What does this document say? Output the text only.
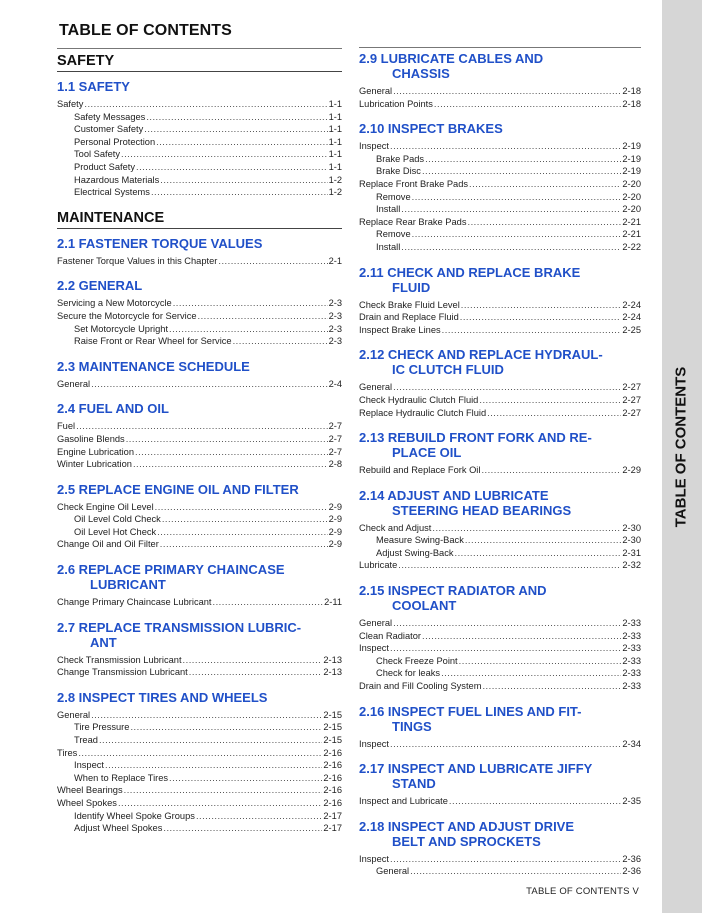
TABLE OF CONTENTS
SAFETY
1.1 SAFETY
Safety .....	1-1
Safety Messages .....	1-1
Customer Safety .....	1-1
Personal Protection .....	1-1
Tool Safety .....	1-1
Product Safety .....	1-1
Hazardous Materials .....	1-2
Electrical Systems .....	1-2
MAINTENANCE
2.1 FASTENER TORQUE VALUES
Fastener Torque Values in this Chapter .....	2-1
2.2 GENERAL
Servicing a New Motorcycle .....	2-3
Secure the Motorcycle for Service .....	2-3
Set Motorcycle Upright .....	2-3
Raise Front or Rear Wheel for Service .....	2-3
2.3 MAINTENANCE SCHEDULE
General .....	2-4
2.4 FUEL AND OIL
Fuel .....	2-7
Gasoline Blends .....	2-7
Engine Lubrication .....	2-7
Winter Lubrication .....	2-8
2.5 REPLACE ENGINE OIL AND FILTER
Check Engine Oil Level .....	2-9
Oil Level Cold Check .....	2-9
Oil Level Hot Check .....	2-9
Change Oil and Oil Filter .....	2-9
2.6 REPLACE PRIMARY CHAINCASE
LUBRICANT
Change Primary Chaincase Lubricant .....	2-11
2.7 REPLACE TRANSMISSION LUBRIC-
ANT
Check Transmission Lubricant .....	2-13
Change Transmission Lubricant .....	2-13
2.8 INSPECT TIRES AND WHEELS
General .....	2-15
Tire Pressure .....	2-15
Tread .....	2-15
Tires .....	2-16
Inspect .....	2-16
When to Replace Tires .....	2-16
Wheel Bearings .....	2-16
Wheel Spokes .....	2-16
Identify Wheel Spoke Groups .....	2-17
Adjust Wheel Spokes .....	2-17
2.9 LUBRICATE CABLES AND
CHASSIS
General .....	2-18
Lubrication Points .....	2-18
2.10 INSPECT BRAKES
Inspect .....	2-19
Brake Pads .....	2-19
Brake Disc .....	2-19
Replace Front Brake Pads .....	2-20
Remove .....	2-20
Install .....	2-20
Replace Rear Brake Pads .....	2-21
Remove .....	2-21
Install .....	2-22
2.11 CHECK AND REPLACE BRAKE
FLUID
Check Brake Fluid Level .....	2-24
Drain and Replace Fluid .....	2-24
Inspect Brake Lines .....	2-25
2.12 CHECK AND REPLACE HYDRAUL-
IC CLUTCH FLUID
General .....	2-27
Check Hydraulic Clutch Fluid .....	2-27
Replace Hydraulic Clutch Fluid .....	2-27
2.13 REBUILD FRONT FORK AND RE-
PLACE OIL
Rebuild and Replace Fork Oil .....	2-29
2.14 ADJUST AND LUBRICATE
STEERING HEAD BEARINGS
Check and Adjust .....	2-30
Measure Swing-Back .....	2-30
Adjust Swing-Back .....	2-31
Lubricate .....	2-32
2.15 INSPECT RADIATOR AND
COOLANT
General .....	2-33
Clean Radiator .....	2-33
Inspect .....	2-33
Check Freeze Point .....	2-33
Check for leaks .....	2-33
Drain and Fill Cooling System .....	2-33
2.16 INSPECT FUEL LINES AND FIT-
TINGS
Inspect .....	2-34
2.17 INSPECT AND LUBRICATE JIFFY
STAND
Inspect and Lubricate .....	2-35
2.18 INSPECT AND ADJUST DRIVE
BELT AND SPROCKETS
Inspect .....	2-36
General .....	2-36
TABLE OF CONTENTS
TABLE OF CONTENTS V
